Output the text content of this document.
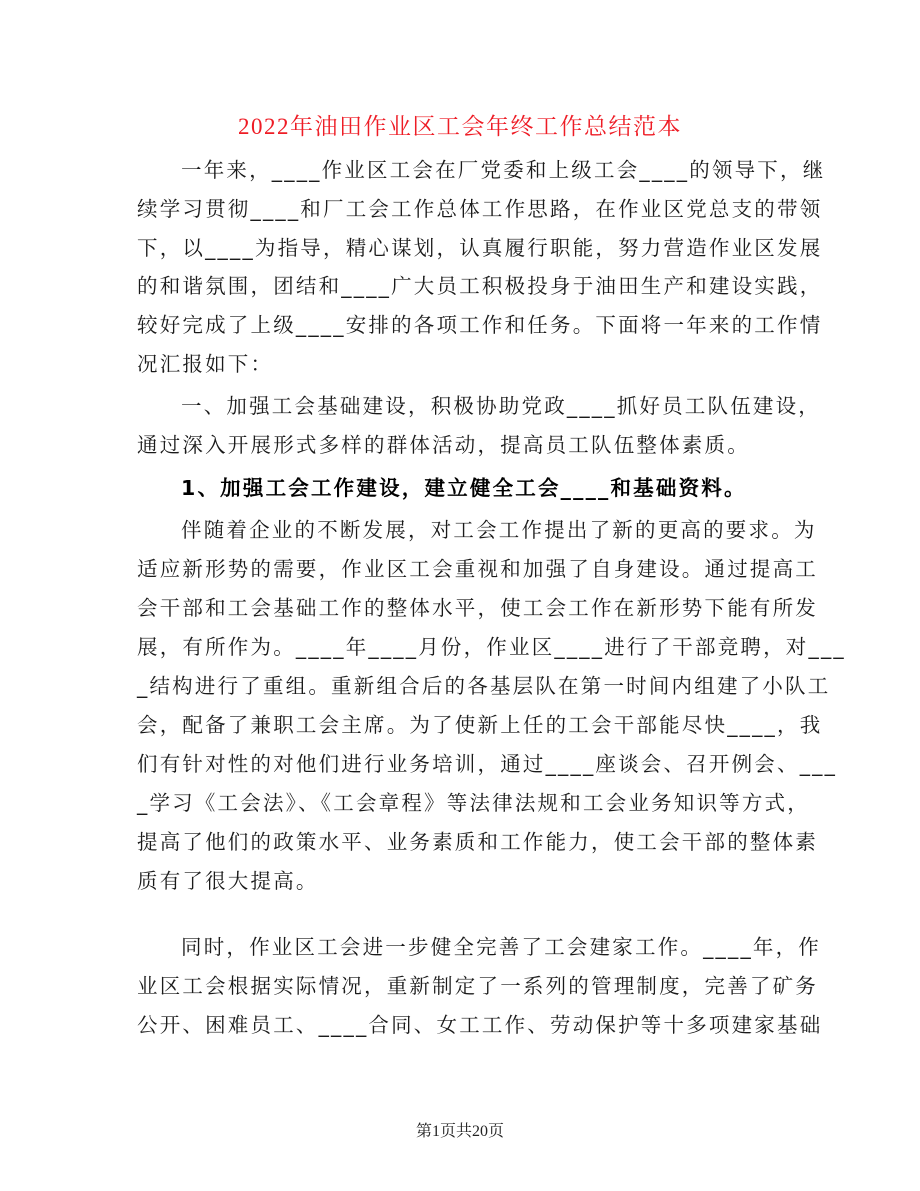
2022年油田作业区工会年终工作总结范本
一年来，____作业区工会在厂党委和上级工会____的领导下，继
续学习贯彻____和厂工会工作总体工作思路，在作业区党总支的带领
下，以____为指导，精心谋划，认真履行职能，努力营造作业区发展
的和谐氛围，团结和____广大员工积极投身于油田生产和建设实践，
较好完成了上级____安排的各项工作和任务。下面将一年来的工作情
况汇报如下：
一、加强工会基础建设，积极协助党政____抓好员工队伍建设，
通过深入开展形式多样的群体活动，提高员工队伍整体素质。
1、加强工会工作建设，建立健全工会____和基础资料。
伴随着企业的不断发展，对工会工作提出了新的更高的要求。为
适应新形势的需要，作业区工会重视和加强了自身建设。通过提高工
会干部和工会基础工作的整体水平，使工会工作在新形势下能有所发
展，有所作为。____年____月份，作业区____进行了干部竞聘，对___
_结构进行了重组。重新组合后的各基层队在第一时间内组建了小队工
会，配备了兼职工会主席。为了使新上任的工会干部能尽快____，我
们有针对性的对他们进行业务培训，通过____座谈会、召开例会、___
_学习《工会法》、《工会章程》等法律法规和工会业务知识等方式，
提高了他们的政策水平、业务素质和工作能力，使工会干部的整体素
质有了很大提高。
同时，作业区工会进一步健全完善了工会建家工作。____年，作
业区工会根据实际情况，重新制定了一系列的管理制度，完善了矿务
公开、困难员工、____合同、女工工作、劳动保护等十多项建家基础
第1页共20页
